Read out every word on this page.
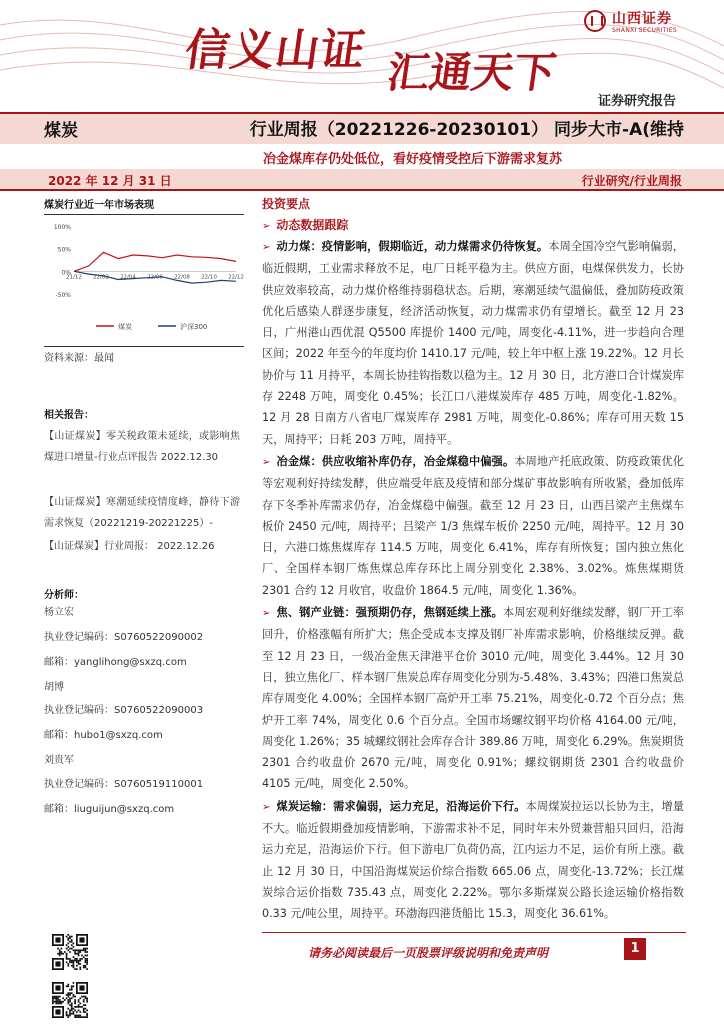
信义山证 汇通天下
山西证券
SHANXI SECURITIES
证券研究报告
煤炭	行业周报（20221226-20230101） 同步大市-A(维持
冶金煤库存仍处低位，看好疫情受控后下游需求复苏
2022 年 12 月 31 日	行业研究/行业周报
煤炭行业近一年市场表现
100%
50%
0%
-50%
21/12 22/02 22/04 22/06 22/08 22/10 22/12
煤炭	沪深300
资料来源：最闻
相关报告：
【山证煤炭】零关税政策未延续，或影响焦煤进口增量-行业点评报告 2022.12.30
【山证煤炭】寒潮延续疫情度峰，静待下游需求恢复（20221219-20221225）-
【山证煤炭】行业周报： 2022.12.26
分析师：
杨立宏
执业登记编码：S0760522090002
邮箱：yanglihong@sxzq.com
胡博
执业登记编码：S0760522090003
邮箱：hubo1@sxzq.com
刘贵军
执业登记编码：S0760519110001
邮箱：liuguijun@sxzq.com
投资要点
➢ 动态数据跟踪
➢ 动力煤：疫情影响，假期临近，动力煤需求仍待恢复。本周全国冷空气影响偏弱，临近假期，工业需求释放不足，电厂日耗平稳为主。供应方面，电煤保供发力，长协供应效率较高，动力煤价格维持弱稳状态。后期，寒潮延续气温偏低，叠加防疫政策优化后感染人群逐步康复，经济活动恢复，动力煤需求仍有望增长。截至 12 月 23 日，广州港山西优混 Q5500 库提价 1400 元/吨，周变化-4.11%，进一步趋向合理区间；2022 年至今的年度均价 1410.17 元/吨，较上年中枢上涨 19.22%。12 月长协价与 11 月持平，本周长协挂钩指数以稳为主。12 月 30 日，北方港口合计煤炭库存 2248 万吨，周变化 0.45%；长江口八港煤炭库存 485 万吨，周变化-1.82%。12 月 28 日南方八省电厂煤炭库存 2981 万吨，周变化-0.86%；库存可用天数 15 天，周持平；日耗 203 万吨，周持平。
➢ 冶金煤：供应收缩补库仍存，冶金煤稳中偏强。本周地产托底政策、防疫政策优化等宏观利好持续发酵，供应端受年底及疫情和部分煤矿事故影响有所收紧，叠加低库存下冬季补库需求仍存，冶金煤稳中偏强。截至 12 月 23 日，山西吕梁产主焦煤车板价 2450 元/吨，周持平；吕梁产 1/3 焦煤车板价 2250 元/吨，周持平。12 月 30 日，六港口炼焦煤库存 114.5 万吨，周变化 6.41%，库存有所恢复；国内独立焦化厂、全国样本钢厂炼焦煤总库存环比上周分别变化 2.38%、3.02%。炼焦煤期货 2301 合约 12 月收官，收盘价 1864.5 元/吨，周变化 1.36%。
➢ 焦、钢产业链：强预期仍存，焦钢延续上涨。本周宏观利好继续发酵，钢厂开工率回升，价格涨幅有所扩大；焦企受成本支撑及钢厂补库需求影响，价格继续反弹。截至 12 月 23 日，一级冶金焦天津港平仓价 3010 元/吨，周变化 3.44%。12 月 30 日，独立焦化厂、样本钢厂焦炭总库存周变化分别为-5.48%、3.43%；四港口焦炭总库存周变化 4.00%；全国样本钢厂高炉开工率 75.21%，周变化-0.72 个百分点；焦炉开工率 74%，周变化 0.6 个百分点。全国市场螺纹钢平均价格 4164.00 元/吨，周变化 1.26%；35 城螺纹钢社会库存合计 389.86 万吨，周变化 6.29%。焦炭期货 2301 合约收盘价 2670 元/吨，周变化 0.91%；螺纹钢期货 2301 合约收盘价 4105 元/吨，周变化 2.50%。
➢ 煤炭运输：需求偏弱，运力充足，沿海运价下行。本周煤炭拉运以长协为主，增量不大。临近假期叠加疫情影响，下游需求补不足，同时年末外贸兼营船只回归，沿海运力充足，沿海运价下行。但下游电厂负荷仍高，江内运力不足，运价有所上涨。截止 12 月 30 日，中国沿海煤炭运价综合指数 665.06 点，周变化-13.72%；长江煤炭综合运价指数 735.43 点，周变化 2.22%。鄂尔多斯煤炭公路长途运输价格指数 0.33 元/吨公里，周持平。环渤海四港货船比 15.3，周变化 36.61%。
请务必阅读最后一页股票评级说明和免责声明	1
